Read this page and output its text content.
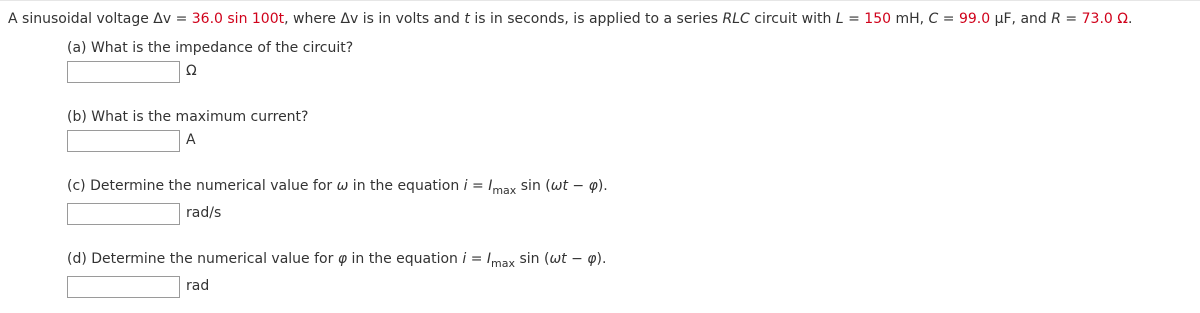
A sinusoidal voltage Δv = 36.0 sin 100t, where Δv is in volts and t is in seconds, is applied to a series RLC circuit with L = 150 mH, C = 99.0 µF, and R = 73.0 Ω.
(a) What is the impedance of the circuit?
Ω
(b) What is the maximum current?
A
(c) Determine the numerical value for ω in the equation $i = I_{max}$ sin (ωt − φ).
rad/s
(d) Determine the numerical value for φ in the equation $i = I_{max}$ sin (ωt − φ).
rad
